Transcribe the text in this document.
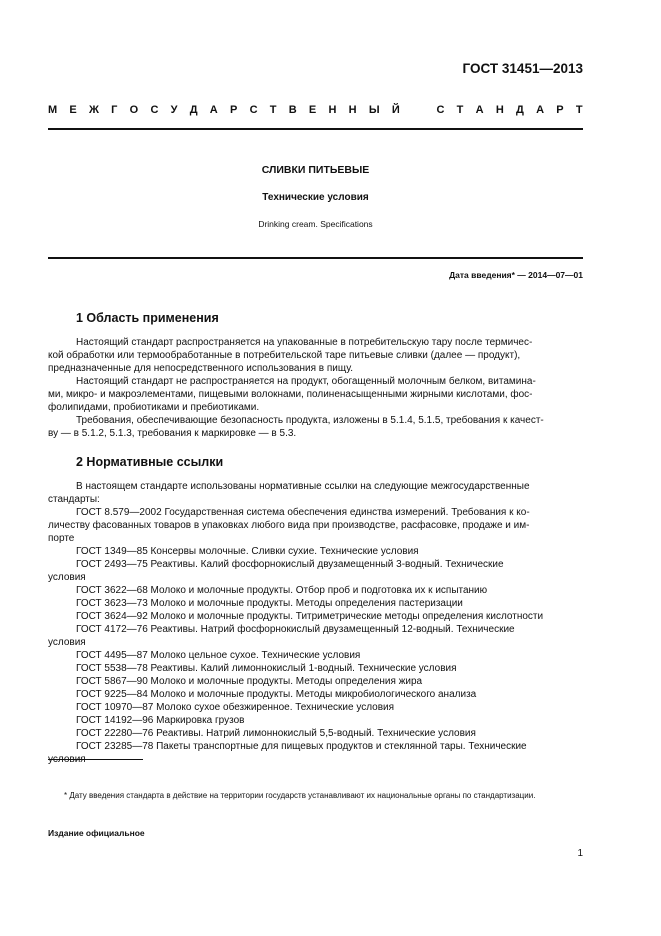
ГОСТ 31451—2013
М Е Ж Г О С У Д А Р С Т В Е Н Н Ы Й	С Т А Н Д А Р Т
СЛИВКИ ПИТЬЕВЫЕ
Технические условия
Drinking cream. Specifications
Дата введения* — 2014—07—01
1 Область применения
Настоящий стандарт распространяется на упакованные в потребительскую тару после термичес-
кой обработки или термообработанные в потребительской таре питьевые сливки (далее — продукт),
предназначенные для непосредственного использования в пищу.
Настоящий стандарт не распространяется на продукт, обогащенный молочным белком, витамина-
ми, микро- и макроэлементами, пищевыми волокнами, полиненасыщенными жирными кислотами, фос-
фолипидами, пробиотиками и пребиотиками.
Требования, обеспечивающие безопасность продукта, изложены в 5.1.4, 5.1.5, требования к качест-
ву — в 5.1.2, 5.1.3, требования к маркировке — в 5.3.
2 Нормативные ссылки
В настоящем стандарте использованы нормативные ссылки на следующие межгосударственные
стандарты:
ГОСТ 8.579—2002 Государственная система обеспечения единства измерений. Требования к ко-
личеству фасованных товаров в упаковках любого вида при производстве, расфасовке, продаже и им-
порте
ГОСТ 1349—85 Консервы молочные. Сливки сухие. Технические условия
ГОСТ 2493—75 Реактивы. Калий фосфорнокислый двузамещенный 3-водный. Технические
условия
ГОСТ 3622—68 Молоко и молочные продукты. Отбор проб и подготовка их к испытанию
ГОСТ 3623—73 Молоко и молочные продукты. Методы определения пастеризации
ГОСТ 3624—92 Молоко и молочные продукты. Титриметрические методы определения кислотности
ГОСТ 4172—76 Реактивы. Натрий фосфорнокислый двузамещенный 12-водный. Технические
условия
ГОСТ 4495—87 Молоко цельное сухое. Технические условия
ГОСТ 5538—78 Реактивы. Калий лимоннокислый 1-водный. Технические условия
ГОСТ 5867—90 Молоко и молочные продукты. Методы определения жира
ГОСТ 9225—84 Молоко и молочные продукты. Методы микробиологического анализа
ГОСТ 10970—87 Молоко сухое обезжиренное. Технические условия
ГОСТ 14192—96 Маркировка грузов
ГОСТ 22280—76 Реактивы. Натрий лимоннокислый 5,5-водный. Технические условия
ГОСТ 23285—78 Пакеты транспортные для пищевых продуктов и стеклянной тары. Технические
* Дату введения стандарта в действие на территории государств устанавливают их национальные органы по стандартизации.
Издание официальное
1
